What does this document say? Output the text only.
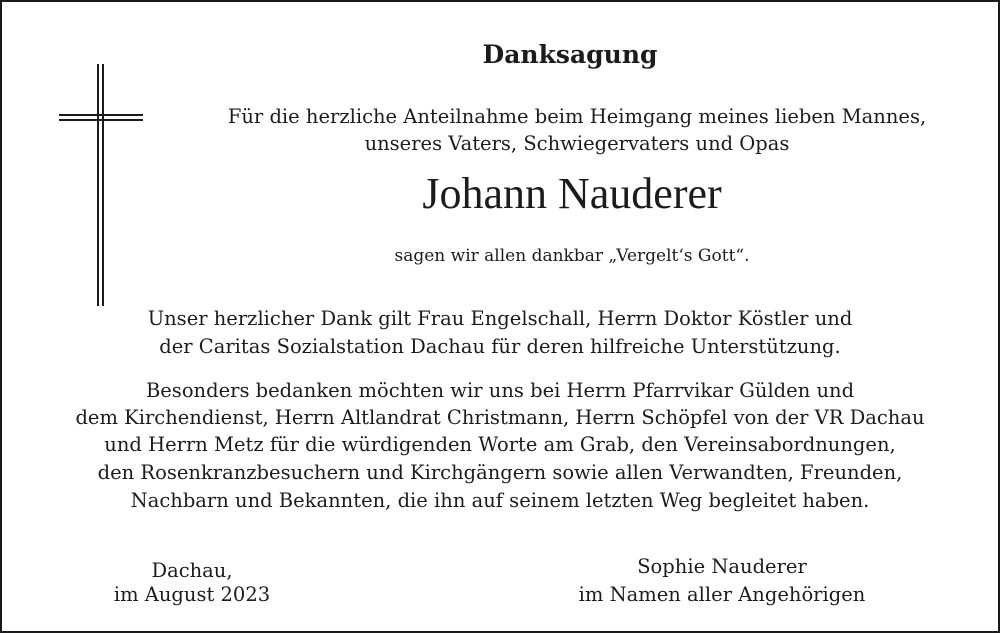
Danksagung
Für die herzliche Anteilnahme beim Heimgang meines lieben Mannes,
unseres Vaters, Schwiegervaters und Opas
Johann Nauderer
sagen wir allen dankbar „Vergelt‘s Gott“.
Unser herzlicher Dank gilt Frau Engelschall, Herrn Doktor Köstler und
der Caritas Sozialstation Dachau für deren hilfreiche Unterstützung.
Besonders bedanken möchten wir uns bei Herrn Pfarrvikar Gülden und
dem Kirchendienst, Herrn Altlandrat Christmann, Herrn Schöpfel von der VR Dachau
und Herrn Metz für die würdigenden Worte am Grab, den Vereinsabordnungen,
den Rosenkranzbesuchern und Kirchgängern sowie allen Verwandten, Freunden,
Nachbarn und Bekannten, die ihn auf seinem letzten Weg begleitet haben.
Dachau,
im August 2023
Sophie Nauderer
im Namen aller Angehörigen
